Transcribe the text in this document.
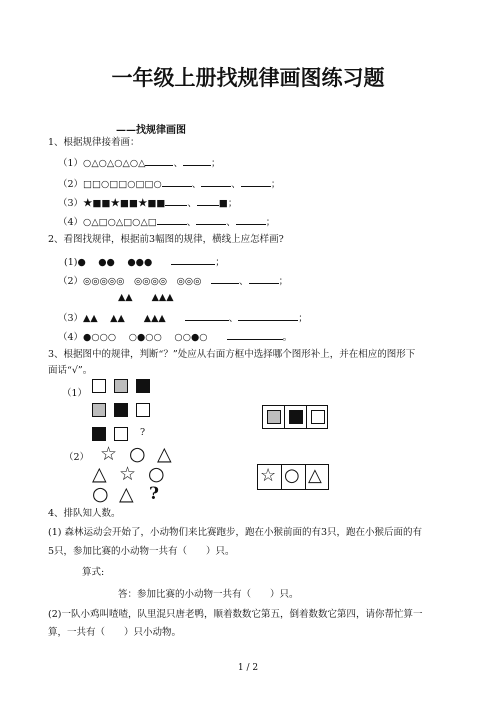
一年级上册找规律画图练习题
——找规律画图
1、根据规律接着画：
（1）○△○△○△○△	、	；
（2）□□○□□○□□○	、	、	；
（3）★■■★■■★■■ 、 ■；
（4）○△□○△□○△□	、	、	；
2、看图找规律，根据前3幅图的规律，横线上应怎样画?
(1)●　 ●●　 ●●●　　	；
（2）◎◎◎◎◎　◎◎◎◎　◎◎◎　	、	；
▲▲　　▲▲▲
（3）▲▲　 ▲▲　　▲▲▲　　	、	；
（4）●○○○　 ○●○○　 ○○●○　　	。
3、根据图中的规律，判断“？”处应从右面方框中选择哪个图形补上，并在相应的图形下
面话“√”。
（1）
?
（2） ☆ ○ △
△ ☆ ○
○ △ ?
☆ ○ △
4、排队知人数。
(1) 森林运动会开始了，小动物们来比赛跑步，跑在小猴前面的有3只，跑在小猴后面的有
5只，参加比赛的小动物一共有（　　）只。
算式:
答：参加比赛的小动物一共有（　　）只。
(2)一队小鸡叫喳喳，队里混只唐老鸭，顺着数数它第五，倒着数数它第四，请你帮忙算一
算，一共有（　　）只小动物。
1 / 2
